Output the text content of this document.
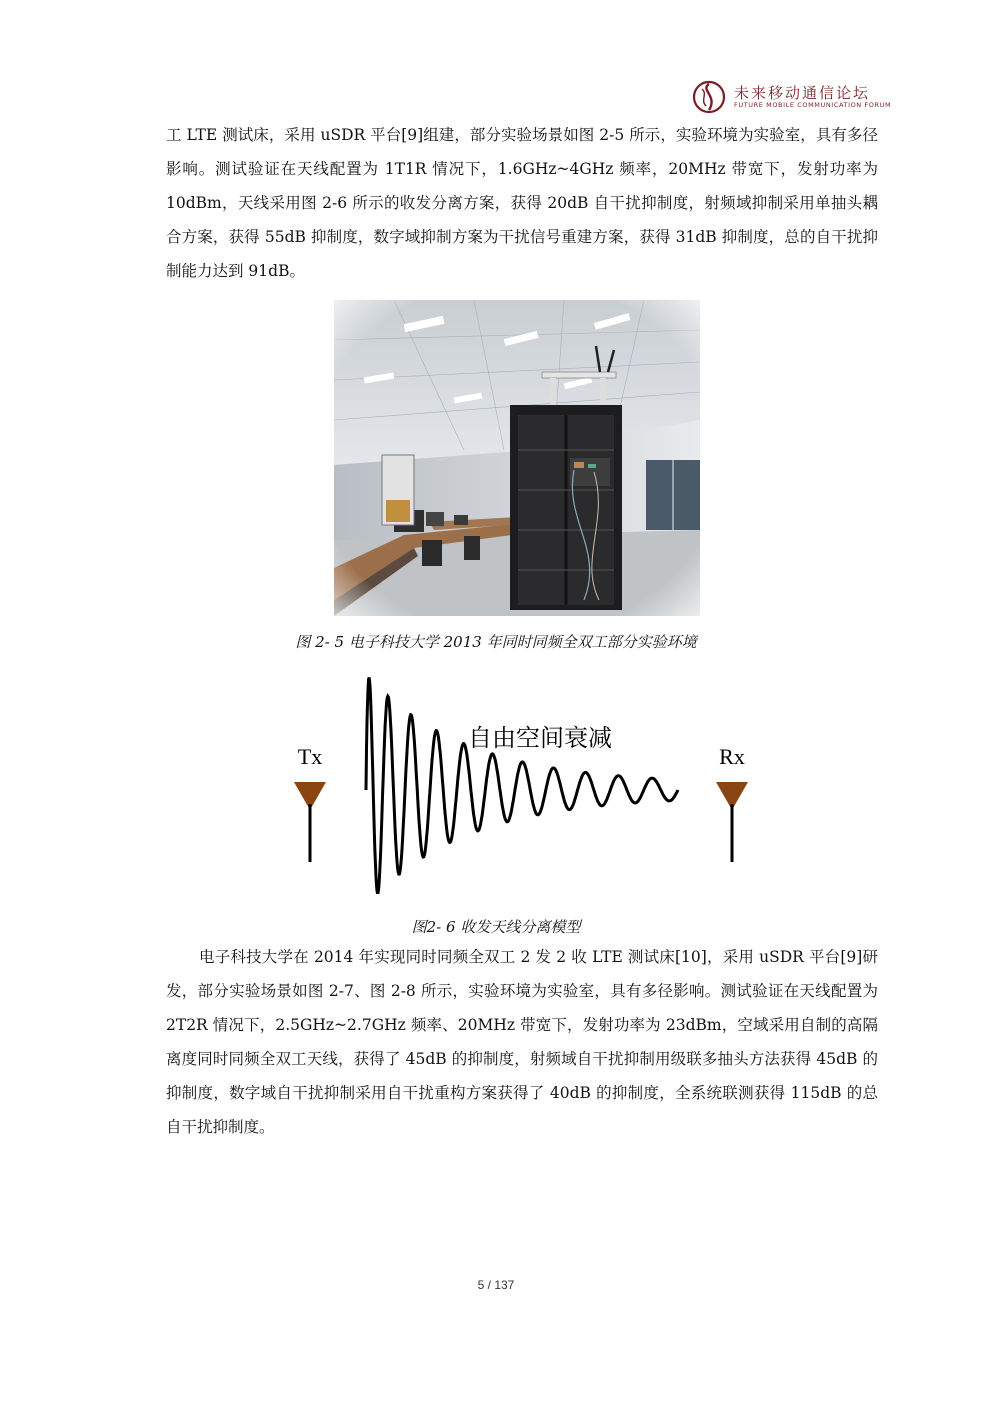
未来移动通信论坛
FUTURE MOBILE COMMUNICATION FORUM

工 LTE 测试床，采用 uSDR 平台[9]组建，部分实验场景如图 2-5 所示，实验环境为实验室，具有多径影响。测试验证在天线配置为 1T1R 情况下，1.6GHz~4GHz 频率，20MHz 带宽下，发射功率为 10dBm，天线采用图 2-6 所示的收发分离方案，获得 20dB 自干扰抑制度，射频域抑制采用单抽头耦合方案，获得 55dB 抑制度，数字域抑制方案为干扰信号重建方案，获得 31dB 抑制度，总的自干扰抑制能力达到 91dB。

图 2- 5 电子科技大学 2013 年同时同频全双工部分实验环境

Tx	Rx
自由空间衰减

图2- 6 收发天线分离模型

电子科技大学在 2014 年实现同时同频全双工 2 发 2 收 LTE 测试床[10]，采用 uSDR 平台[9]研发，部分实验场景如图 2-7、图 2-8 所示，实验环境为实验室，具有多径影响。测试验证在天线配置为 2T2R 情况下，2.5GHz~2.7GHz 频率、20MHz 带宽下，发射功率为 23dBm，空域采用自制的高隔离度同时同频全双工天线，获得了 45dB 的抑制度，射频域自干扰抑制用级联多抽头方法获得 45dB 的抑制度，数字域自干扰抑制采用自干扰重构方案获得了 40dB 的抑制度，全系统联测获得 115dB 的总自干扰抑制度。

5 / 137
